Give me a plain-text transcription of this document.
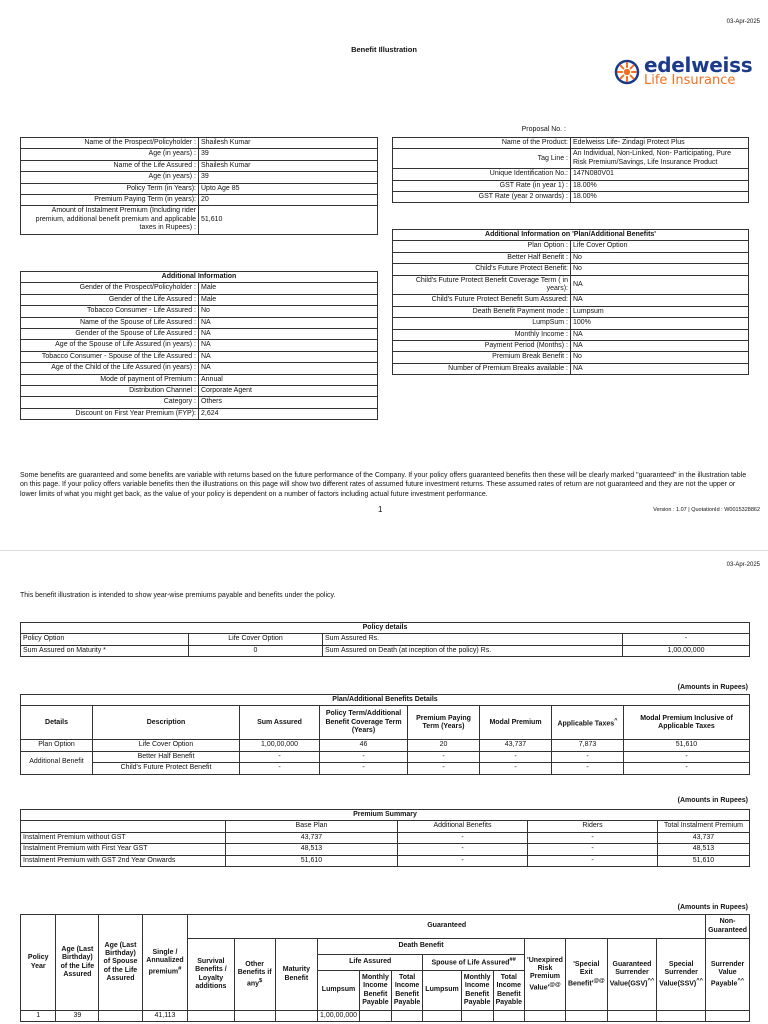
03-Apr-2025
Benefit Illustration
edelweiss
Life Insurance
Proposal No. :
Name of the Prospect/Policyholder :	Shailesh Kumar
Age (in years) :	39
Name of the Life Assured :	Shailesh Kumar
Age (in years) :	39
Policy Term (in Years):	Upto Age 85
Premium Paying Term (in years):	20
Amount of Instalment Premium (Including rider premium, additional benefit premium and applicable taxes in Rupees) :	51,610
Additional Information	
Gender of the Prospect/Policyholder :	Male
Gender of the Life Assured :	Male
Tobacco Consumer - Life Assured :	No
Name of the Spouse of Life Assured :	NA
Gender of the Spouse of Life Assured :	NA
Age of the Spouse of Life Assured (in years) :	NA
Tobacco Consumer - Spouse of the Life Assured :	NA
Age of the Child of the Life Assured (in years) :	NA
Mode of payment of Premium :	Annual
Distribution Channel :	Corporate Agent
Category :	Others
Discount on First Year Premium (FYP):	2,624
Name of the Product:	Edelweiss Life- Zindagi Protect Plus
Tag Line :	An Individual, Non-Linked, Non- Participating, Pure Risk Premium/Savings, Life Insurance Product
Unique Identification No.:	147N080V01
GST Rate (in year 1) :	18.00%
GST Rate (year 2 onwards) :	18.00%
Additional Information on 'Plan/Additional Benefits'	
Plan Option :	Life Cover Option
Better Half Benefit :	No
Child's Future Protect Benefit:	No
Child's Future Protect Benefit Coverage Term ( in years):	NA
Child's Future Protect Benefit Sum Assured:	NA
Death Benefit Payment mode :	Lumpsum
LumpSum :	100%
Monthly Income :	NA
Payment Period (Months) :	NA
Premium Break Benefit :	No
Number of Premium Breaks available :	NA
Some benefits are guaranteed and some benefits are variable with returns based on the future performance of the Company. If your policy offers guaranteed benefits then these will be clearly marked "guaranteed" in the illustration table on this page. If your policy offers variable benefits then the illustrations on this page will show two different rates of assumed future investment returns. These assumed rates of return are not guaranteed and they are not the upper or lower limits of what you might get back, as the value of your policy is dependent on a number of factors including actual future investment performance.
1	Version : 1.07 | QuotationId : W0015328862
03-Apr-2025
This benefit illustration is intended to show year-wise premiums payable and benefits under the policy.
Policy details			
Policy Option	Life Cover Option	Sum Assured Rs.	-
Sum Assured on Maturity *	0	Sum Assured on Death (at inception of the policy) Rs.	1,00,00,000
(Amounts in Rupees)
Plan/Additional Benefits Details							
Details	Description	Sum Assured	Policy Term/Additional Benefit Coverage Term (Years)	Premium Paying Term (Years)	Modal Premium	Applicable Taxes^	Modal Premium Inclusive of Applicable Taxes
Plan Option	Life Cover Option	1,00,00,000	46	20	43,737	7,873	51,610
Additional Benefit	Better Half Benefit	-	-	-	-	-	-
	Child's Future Protect Benefit	-	-	-	-	-	-
(Amounts in Rupees)
Premium Summary				
	Base Plan	Additional Benefits	Riders	Total Instalment Premium
Instalment Premium without GST	43,737	-	-	43,737
Instalment Premium with First Year GST	48,513	-	-	48,513
Instalment Premium with GST 2nd Year Onwards	51,610	-	-	51,610
(Amounts in Rupees)
Policy Year	Age (Last Birthday) of the Life Assured	Age (Last Birthday) of Spouse of the Life Assured	Single / Annualized premium#	Guaranteed													Non-Guaranteed
				Survival Benefits / Loyalty additions	Other Benefits if any$	Maturity Benefit	Death Benefit						'Unexpired Risk Premium Value'@@	'Special Exit Benefit'@@	Guaranteed Surrender Value(GSV)^^	Special Surrender Value(SSV)^^	Surrender Value Payable^^
							Life Assured			Spouse of Life Assured##
							Lumpsum	Monthly Income Benefit Payable	Total Income Benefit Payable	Lumpsum	Monthly Income Benefit Payable	Total Income Benefit Payable					
1	39		41,113				1,00,00,000										
